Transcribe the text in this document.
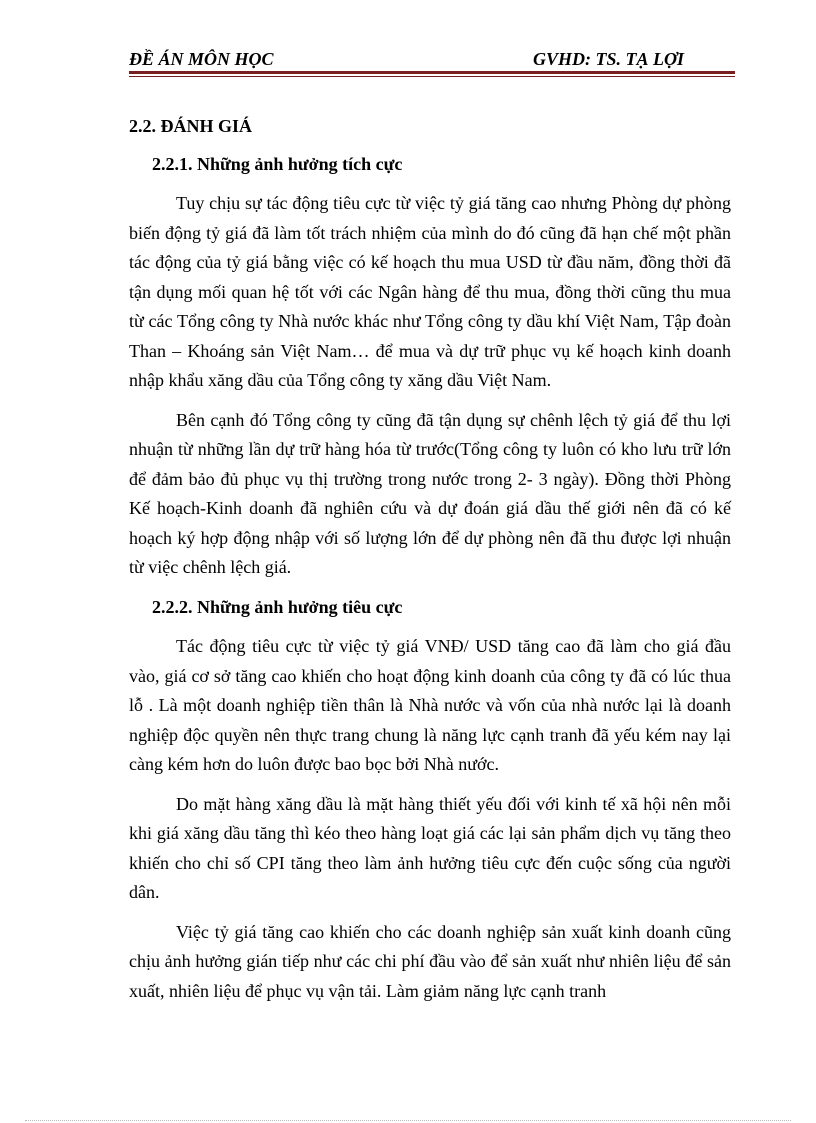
ĐỀ ÁN MÔN HỌC	GVHD: TS. TẠ LỢI

2.2. ĐÁNH GIÁ

2.2.1. Những ảnh hưởng tích cực

Tuy chịu sự tác động tiêu cực từ việc tỷ giá tăng cao nhưng Phòng dự phòng biến động tỷ giá đã làm tốt trách nhiệm của mình do đó cũng đã hạn chế một phần tác động của tỷ giá bằng việc có kế hoạch thu mua USD từ đầu năm, đồng thời đã tận dụng mối quan hệ tốt với các Ngân hàng để thu mua, đồng thời cũng thu mua từ các Tổng công ty Nhà nước khác như Tổng công ty dầu khí Việt Nam, Tập đoàn Than – Khoáng sản Việt Nam… để mua và dự trữ phục vụ kế hoạch kinh doanh nhập khẩu xăng dầu của Tổng công ty xăng dầu Việt Nam.

Bên cạnh đó Tổng công ty cũng đã tận dụng sự chênh lệch tỷ giá để thu lợi nhuận từ những lần dự trữ hàng hóa từ trước(Tổng công ty luôn có kho lưu trữ lớn để đảm bảo đủ phục vụ thị trường trong nước trong 2- 3 ngày). Đồng thời Phòng Kế hoạch-Kinh doanh đã nghiên cứu và dự đoán giá dầu thế giới nên đã có kế hoạch ký hợp động nhập với số lượng lớn để dự phòng nên đã thu được lợi nhuận từ việc chênh lệch giá.

2.2.2. Những ảnh hưởng tiêu cực

Tác động tiêu cực từ việc tỷ giá VNĐ/ USD tăng cao đã làm cho giá đầu vào, giá cơ sở tăng cao khiến cho hoạt động kinh doanh của công ty đã có lúc thua lỗ . Là một doanh nghiệp tiền thân là Nhà nước và vốn của nhà nước lại là doanh nghiệp độc quyền nên thực trang chung là năng lực cạnh tranh đã yếu kém nay lại càng kém hơn do luôn được bao bọc bởi Nhà nước.

Do mặt hàng xăng dầu là mặt hàng thiết yếu đối với kinh tế xã hội nên mỗi khi giá xăng dầu tăng thì kéo theo hàng loạt giá các lại sản phẩm dịch vụ tăng theo khiến cho chỉ số CPI tăng theo làm ảnh hưởng tiêu cực đến cuộc sống của người dân.

Việc tỷ giá tăng cao khiến cho các doanh nghiệp sản xuất kinh doanh cũng chịu ảnh hưởng gián tiếp như các chi phí đầu vào để sản xuất như nhiên liệu để sản xuất, nhiên liệu để phục vụ vận tải. Làm giảm năng lực cạnh tranh
